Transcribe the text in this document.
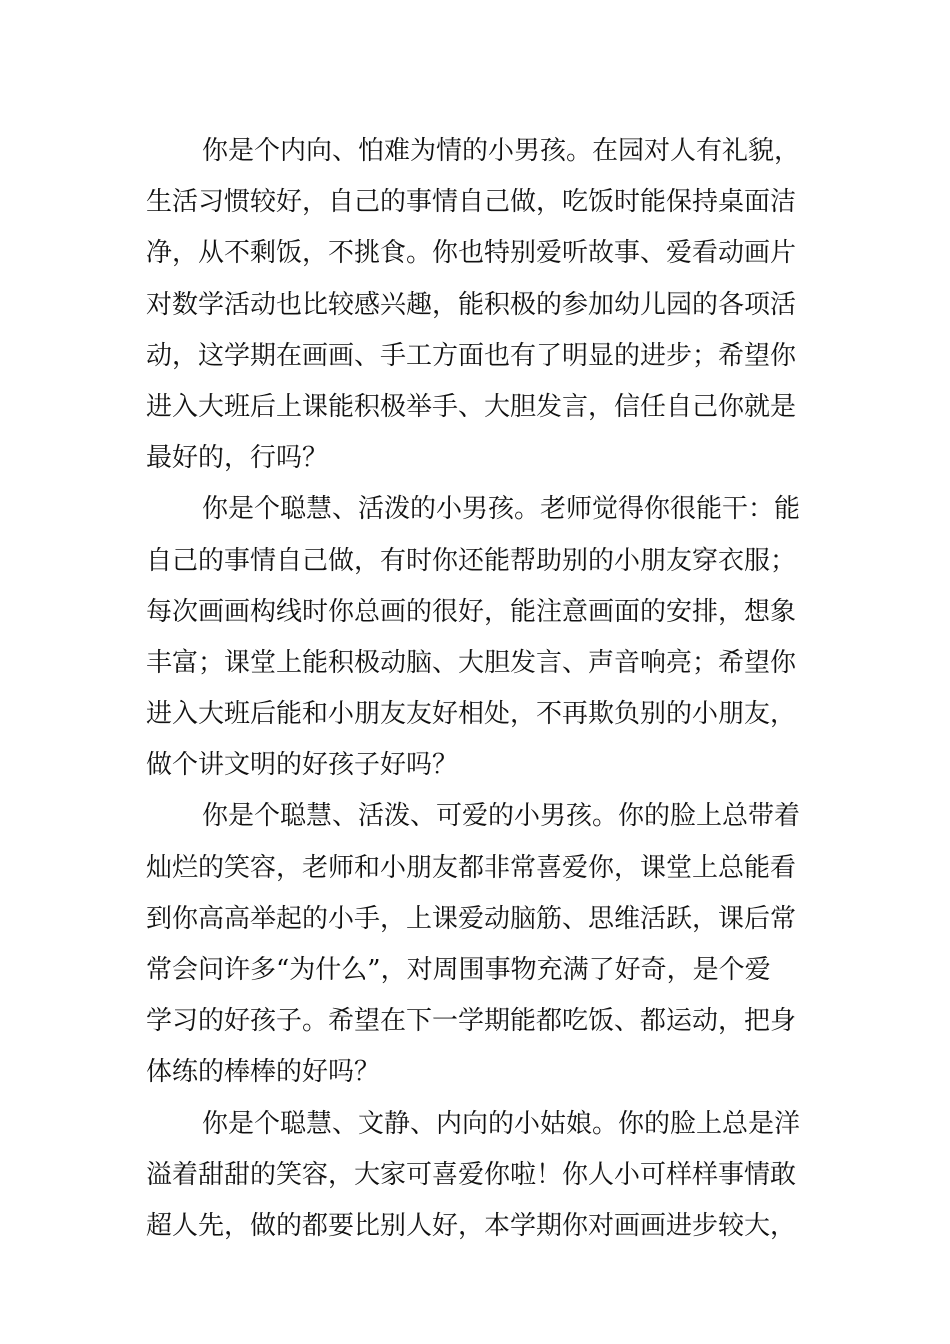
你是个内向、怕难为情的小男孩。在园对人有礼貌，
生活习惯较好，自己的事情自己做，吃饭时能保持桌面洁
净，从不剩饭，不挑食。你也特别爱听故事、爱看动画片
对数学活动也比较感兴趣，能积极的参加幼儿园的各项活
动，这学期在画画、手工方面也有了明显的进步；希望你
进入大班后上课能积极举手、大胆发言，信任自己你就是
最好的，行吗？
你是个聪慧、活泼的小男孩。老师觉得你很能干：能
自己的事情自己做，有时你还能帮助别的小朋友穿衣服；
每次画画构线时你总画的很好，能注意画面的安排，想象
丰富；课堂上能积极动脑、大胆发言、声音响亮；希望你
进入大班后能和小朋友友好相处，不再欺负别的小朋友，
做个讲文明的好孩子好吗？
你是个聪慧、活泼、可爱的小男孩。你的脸上总带着
灿烂的笑容，老师和小朋友都非常喜爱你，课堂上总能看
到你高高举起的小手，上课爱动脑筋、思维活跃，课后常
常会问许多“为什么”，对周围事物充满了好奇，是个爱
学习的好孩子。希望在下一学期能都吃饭、都运动，把身
体练的棒棒的好吗？
你是个聪慧、文静、内向的小姑娘。你的脸上总是洋
溢着甜甜的笑容，大家可喜爱你啦！你人小可样样事情敢
超人先，做的都要比别人好，本学期你对画画进步较大，
